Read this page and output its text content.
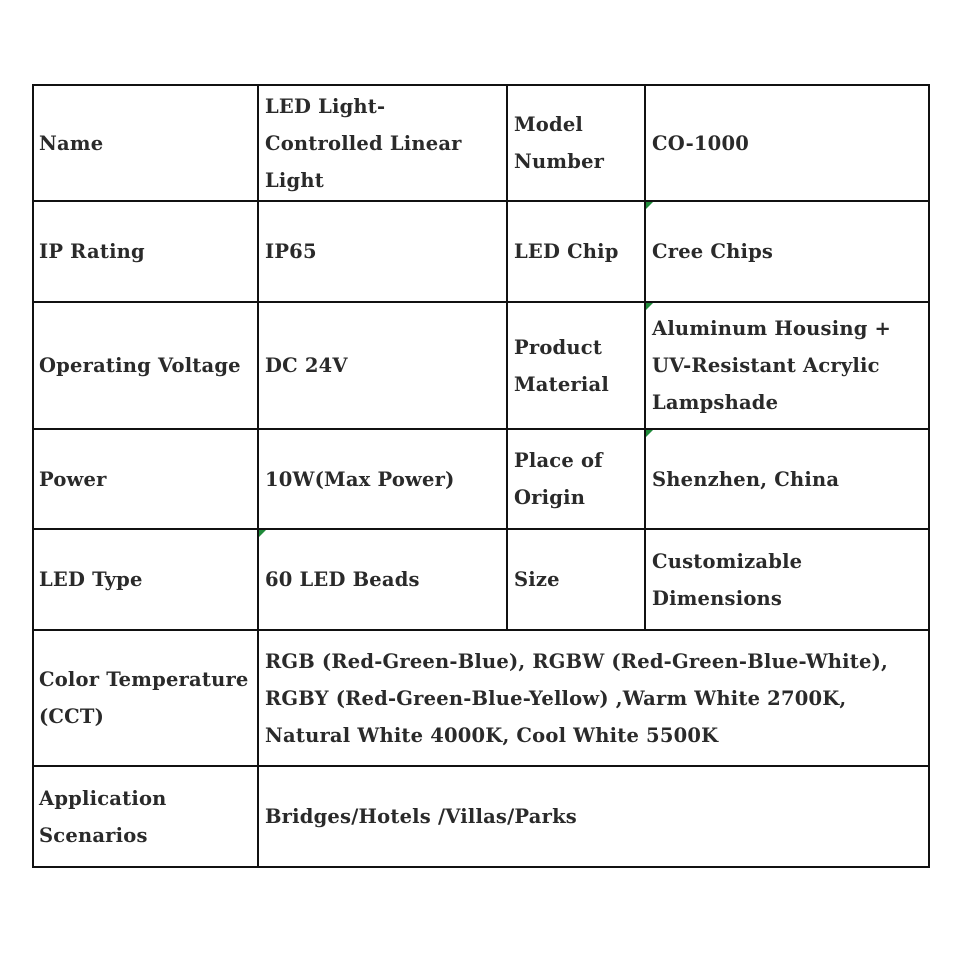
Name	LED Light-Controlled Linear Light	Model Number	CO-1000
IP Rating	IP65	LED Chip	Cree Chips
Operating Voltage	DC 24V	Product Material	Aluminum Housing + UV-Resistant Acrylic Lampshade
Power	10W(Max Power)	Place of Origin	Shenzhen, China
LED Type	60 LED Beads	Size	Customizable Dimensions
Color Temperature (CCT)	RGB (Red-Green-Blue), RGBW (Red-Green-Blue-White), RGBY (Red-Green-Blue-Yellow) ,Warm White 2700K, Natural White 4000K, Cool White 5500K		
Application Scenarios	Bridges/Hotels /Villas/Parks		
